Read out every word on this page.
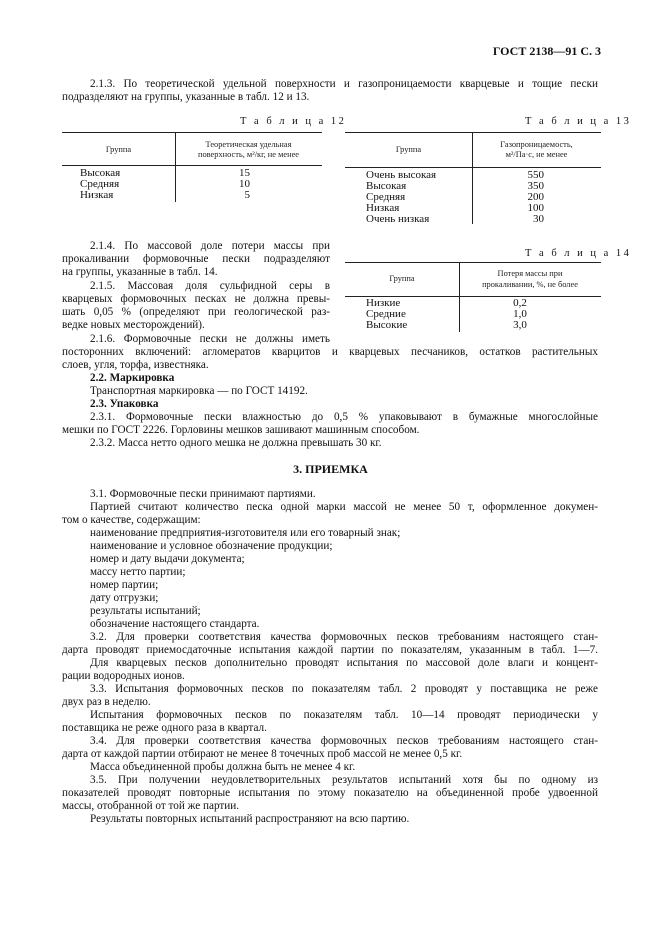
ГОСТ 2138—91 С. 3
2.1.3. По теоретической удельной поверхности и газопроницаемости кварцевые и тощие пески
подразделяют на группы, указанные в табл. 12 и 13.
Т а б л и ц а 12
Группа
Теоретическая удельная
поверхность, м²/кг, не менее
Высокая	15
Средняя	10
Низкая	5
Т а б л и ц а 13
Группа
Газопроницаемость,
м²/Па·с, не менее
Очень высокая	550
Высокая	350
Средняя	200
Низкая	100
Очень низкая	30
2.1.4. По массовой доле потери массы при
прокаливании формовочные пески подразделяют
на группы, указанные в табл. 14.
2.1.5. Массовая доля сульфидной серы в
кварцевых формовочных песках не должна превы-
шать 0,05 % (определяют при геологической раз-
ведке новых месторождений).
Т а б л и ц а 14
Группа
Потеря массы при
прокаливании, %, не более
Низкие	0,2
Средние	1,0
Высокие	3,0
2.1.6. Формовочные пески не должны иметь
посторонних включений: агломератов кварцитов и кварцевых песчаников, остатков растительных
слоев, угля, торфа, известняка.
2.2. Маркировка
Транспортная маркировка — по ГОСТ 14192.
2.3. Упаковка
2.3.1. Формовочные пески влажностью до 0,5 % упаковывают в бумажные многослойные
мешки по ГОСТ 2226. Горловины мешков зашивают машинным способом.
2.3.2. Масса нетто одного мешка не должна превышать 30 кг.
3. ПРИЕМКА
3.1. Формовочные пески принимают партиями.
Партией считают количество песка одной марки массой не менее 50 т, оформленное докумен-
том о качестве, содержащим:
наименование предприятия-изготовителя или его товарный знак;
наименование и условное обозначение продукции;
номер и дату выдачи документа;
массу нетто партии;
номер партии;
дату отгрузки;
результаты испытаний;
обозначение настоящего стандарта.
3.2. Для проверки соответствия качества формовочных песков требованиям настоящего стан-
дарта проводят приемосдаточные испытания каждой партии по показателям, указанным в табл. 1—7.
Для кварцевых песков дополнительно проводят испытания по массовой доле влаги и концент-
рации водородных ионов.
3.3. Испытания формовочных песков по показателям табл. 2 проводят у поставщика не реже
двух раз в неделю.
Испытания формовочных песков по показателям табл. 10—14 проводят периодически у
поставщика не реже одного раза в квартал.
3.4. Для проверки соответствия качества формовочных песков требованиям настоящего стан-
дарта от каждой партии отбирают не менее 8 точечных проб массой не менее 0,5 кг.
Масса объединенной пробы должна быть не менее 4 кг.
3.5. При получении неудовлетворительных результатов испытаний хотя бы по одному из
показателей проводят повторные испытания по этому показателю на объединенной пробе удвоенной
массы, отобранной от той же партии.
Результаты повторных испытаний распространяют на всю партию.
